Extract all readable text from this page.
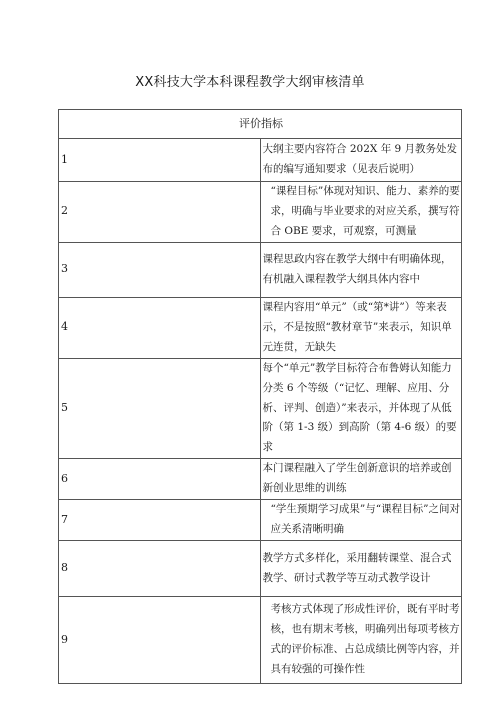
XX科技大学本科课程教学大纲审核清单
评价指标	
1	大纲主要内容符合 202X 年 9 月教务处发布的编写通知要求（见表后说明）
2	“课程目标”体现对知识、能力、素养的要求，明确与毕业要求的对应关系，撰写符合 OBE 要求，可观察，可测量
3	课程思政内容在教学大纲中有明确体现，有机融入课程教学大纲具体内容中
4	课程内容用“单元”（或“第*讲”）等来表示，不是按照“教材章节”来表示，知识单元连贯，无缺失
5	每个“单元”教学目标符合布鲁姆认知能力分类 6 个等级（“记忆、理解、应用、分析、评判、创造）”来表示，并体现了从低阶（第 1-3 级）到高阶（第 4-6 级）的要求
6	本门课程融入了学生创新意识的培养或创新创业思维的训练
7	“学生预期学习成果”与“课程目标”之间对应关系清晰明确
8	教学方式多样化，采用翻转课堂、混合式教学、研讨式教学等互动式教学设计
9	考核方式体现了形成性评价，既有平时考核，也有期末考核，明确列出每项考核方式的评价标准、占总成绩比例等内容，并具有较强的可操作性
